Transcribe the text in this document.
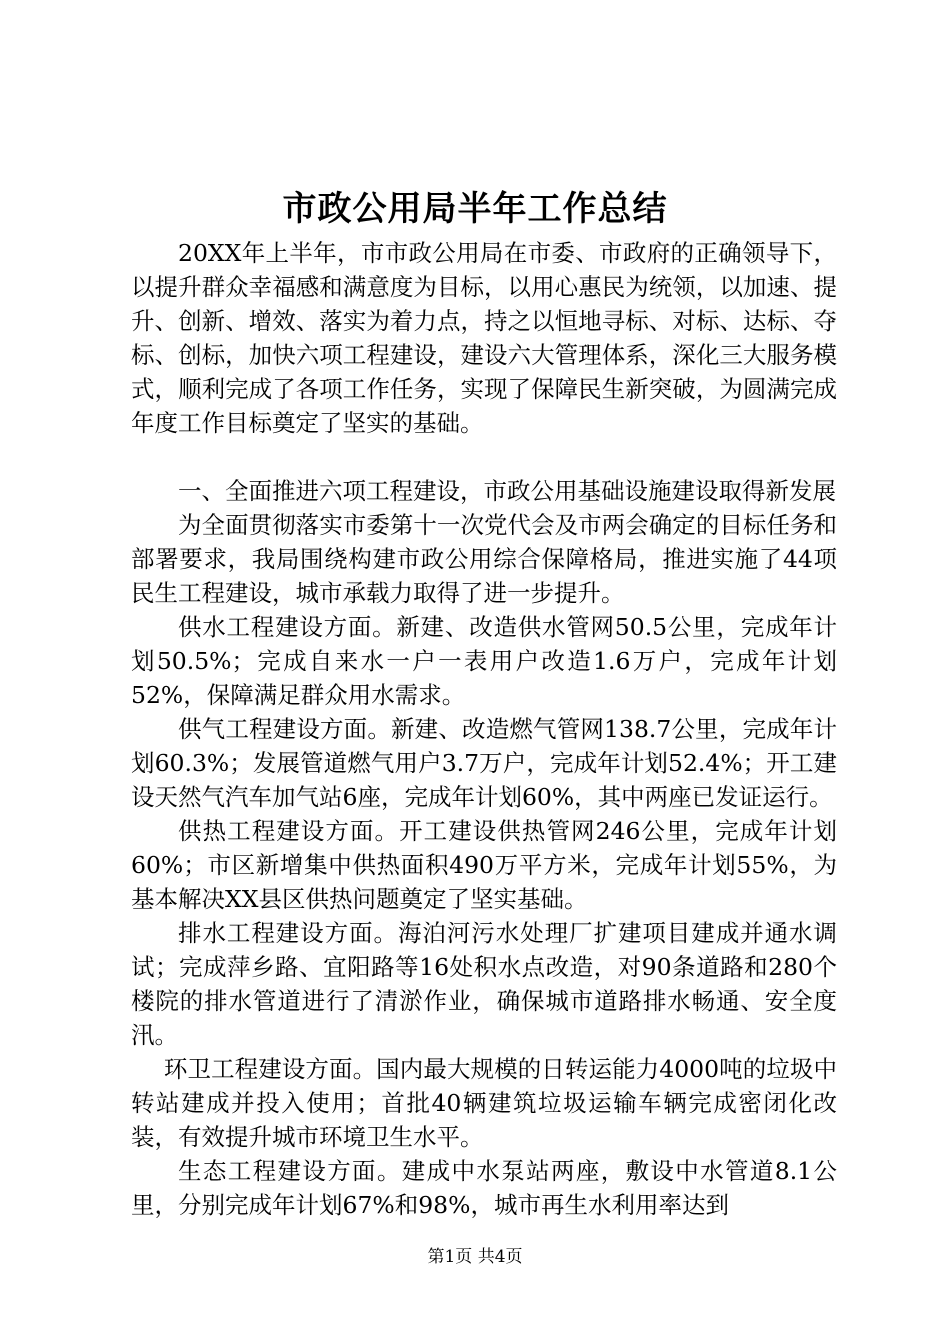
市政公用局半年工作总结

20XX年上半年，市市政公用局在市委、市政府的正确领导下，以提升群众幸福感和满意度为目标，以用心惠民为统领，以加速、提升、创新、增效、落实为着力点，持之以恒地寻标、对标、达标、夺标、创标，加快六项工程建设，建设六大管理体系，深化三大服务模式，顺利完成了各项工作任务，实现了保障民生新突破，为圆满完成年度工作目标奠定了坚实的基础。

一、全面推进六项工程建设，市政公用基础设施建设取得新发展

为全面贯彻落实市委第十一次党代会及市两会确定的目标任务和部署要求，我局围绕构建市政公用综合保障格局，推进实施了44项民生工程建设，城市承载力取得了进一步提升。

供水工程建设方面。新建、改造供水管网50.5公里，完成年计划50.5%；完成自来水一户一表用户改造1.6万户，完成年计划52%，保障满足群众用水需求。

供气工程建设方面。新建、改造燃气管网138.7公里，完成年计划60.3%；发展管道燃气用户3.7万户，完成年计划52.4%；开工建设天然气汽车加气站6座，完成年计划60%，其中两座已发证运行。

供热工程建设方面。开工建设供热管网246公里，完成年计划60%；市区新增集中供热面积490万平方米，完成年计划55%，为基本解决XX县区供热问题奠定了坚实基础。

排水工程建设方面。海泊河污水处理厂扩建项目建成并通水调试；完成萍乡路、宜阳路等16处积水点改造，对90条道路和280个楼院的排水管道进行了清淤作业，确保城市道路排水畅通、安全度汛。

环卫工程建设方面。国内最大规模的日转运能力4000吨的垃圾中转站建成并投入使用；首批40辆建筑垃圾运输车辆完成密闭化改装，有效提升城市环境卫生水平。

生态工程建设方面。建成中水泵站两座，敷设中水管道8.1公里，分别完成年计划67%和98%，城市再生水利用率达到

第1页 共4页
